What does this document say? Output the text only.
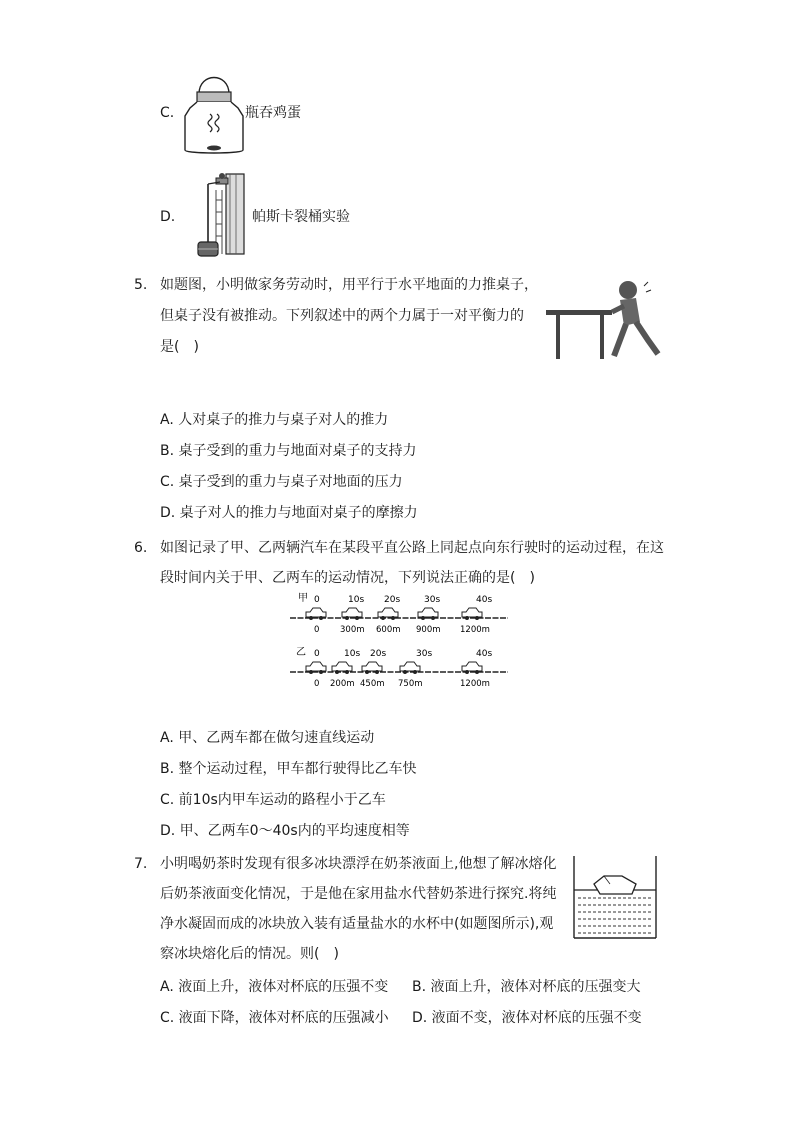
C.	瓶吞鸡蛋
D.	帕斯卡裂桶实验
5. 如题图，小明做家务劳动时，用平行于水平地面的力推桌子，
但桌子没有被推动。下列叙述中的两个力属于一对平衡力的
是(　)
A. 人对桌子的推力与桌子对人的推力
B. 桌子受到的重力与地面对桌子的支持力
C. 桌子受到的重力与桌子对地面的压力
D. 桌子对人的推力与地面对桌子的摩擦力
6. 如图记录了甲、乙两辆汽车在某段平直公路上同起点向东行驶时的运动过程，在这
段时间内关于甲、乙两车的运动情况，下列说法正确的是(　)
甲 0	10s 20s	30s	40s
0 300m 600m 900m 1200m
乙 0	10s 20s	30s	40s
0 200m 450m 750m	1200m
A. 甲、乙两车都在做匀速直线运动
B. 整个运动过程，甲车都行驶得比乙车快
C. 前10s内甲车运动的路程小于乙车
D. 甲、乙两车0～40s内的平均速度相等
7. 小明喝奶茶时发现有很多冰块漂浮在奶茶液面上,他想了解冰熔化
后奶茶液面变化情况，于是他在家用盐水代替奶茶进行探究.将纯
净水凝固而成的冰块放入装有适量盐水的水杯中(如题图所示),观
察冰块熔化后的情况。则(　)
A. 液面上升，液体对杯底的压强不变 B. 液面上升，液体对杯底的压强变大
C. 液面下降，液体对杯底的压强减小 D. 液面不变，液体对杯底的压强不变
